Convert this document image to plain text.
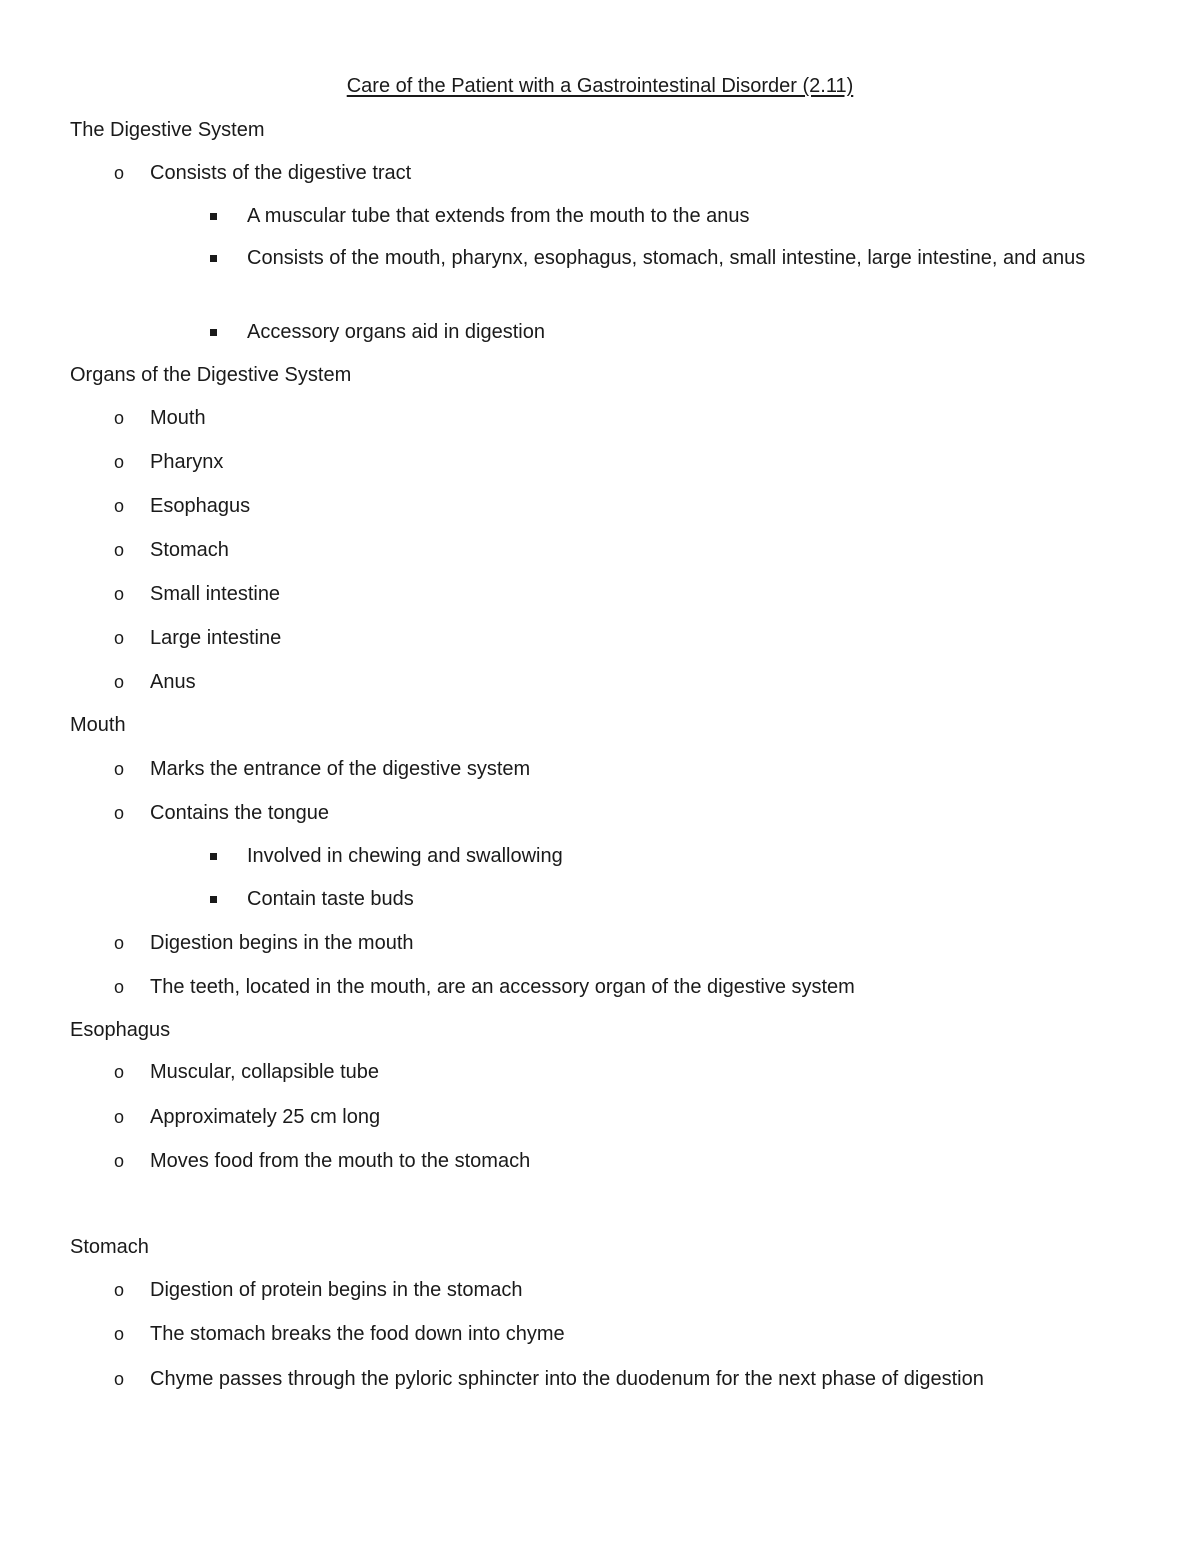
Care of the Patient with a Gastrointestinal Disorder (2.11)
The Digestive System
o Consists of the digestive tract
A muscular tube that extends from the mouth to the anus
Consists of the mouth, pharynx, esophagus, stomach, small intestine, large intestine, and anus
Accessory organs aid in digestion
Organs of the Digestive System
o Mouth
o Pharynx
o Esophagus
o Stomach
o Small intestine
o Large intestine
o Anus
Mouth
o Marks the entrance of the digestive system
o Contains the tongue
Involved in chewing and swallowing
Contain taste buds
o Digestion begins in the mouth
o The teeth, located in the mouth, are an accessory organ of the digestive system
Esophagus
o Muscular, collapsible tube
o Approximately 25 cm long
o Moves food from the mouth to the stomach
Stomach
o Digestion of protein begins in the stomach
o The stomach breaks the food down into chyme
o Chyme passes through the pyloric sphincter into the duodenum for the next phase of digestion
